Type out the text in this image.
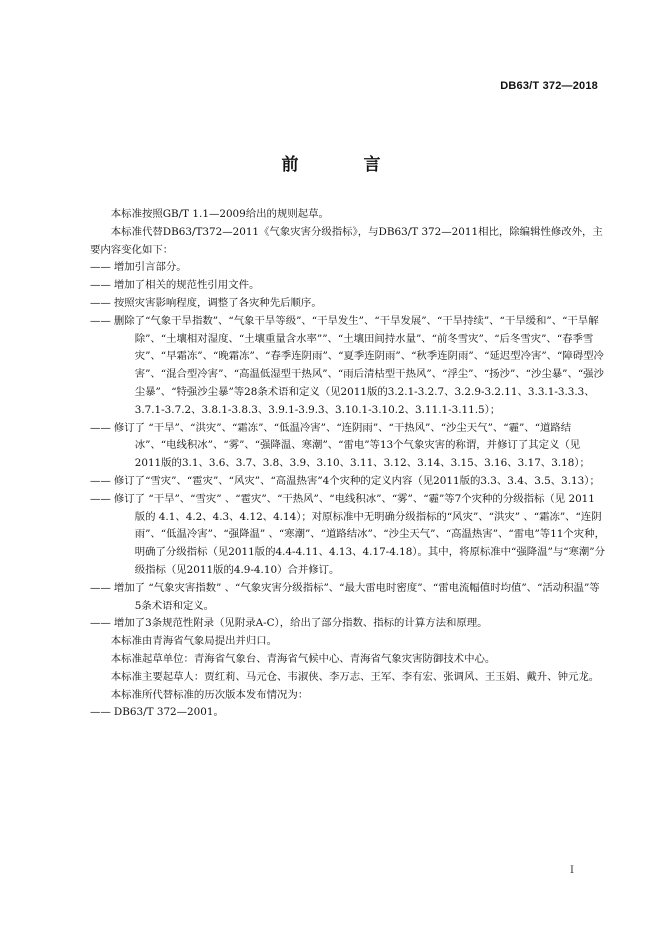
DB63/T 372—2018
前　言

本标准按照GB/T 1.1—2009给出的规则起草。

本标准代替DB63/T372—2011《气象灾害分级指标》，与DB63/T 372—2011相比，除编辑性修改外，主要内容变化如下：

—— 增加引言部分。

—— 增加了相关的规范性引用文件。

—— 按照灾害影响程度，调整了各灾种先后顺序。

—— 删除了“气象干旱指数”、“气象干旱等级”、“干旱发生”、“干旱发展”、“干旱持续”、“干旱缓和”、“干旱解除”、“土壤相对湿度、“土壤重量含水率””、“土壤田间持水量”、“前冬雪灾”、“后冬雪灾”、“春季雪灾”、“早霜冻”、“晚霜冻”、“春季连阴雨”、“夏季连阴雨”、“秋季连阴雨”、“延迟型冷害”、“障碍型冷害”、“混合型冷害”、“高温低湿型干热风”、“雨后清枯型干热风”、“浮尘”、“扬沙”、“沙尘暴”、“强沙尘暴”、“特强沙尘暴”等28条术语和定义（见2011版的3.2.1-3.2.7、3.2.9-3.2.11、3.3.1-3.3.3、3.7.1-3.7.2、3.8.1-3.8.3、3.9.1-3.9.3、3.10.1-3.10.2、3.11.1-3.11.5）；

—— 修订了 “干旱”、“洪灾”、“霜冻”、“低温冷害”、“连阴雨”、“干热风”、“沙尘天气”、“霾”、“道路结冰”、“电线积冰”、“雾”、“强降温、寒潮”、“雷电”等13个气象灾害的称谓，并修订了其定义（见2011版的3.1、3.6、3.7、3.8、3.9、3.10、3.11、3.12、3.14、3.15、3.16、3.17、3.18）；

—— 修订了“雪灾”、“雹灾”、“风灾”、“高温热害”4个灾种的定义内容（见2011版的3.3、3.4、3.5、3.13）；

—— 修订了 “干旱”、“雪灾” 、“雹灾”、“干热风”、“电线积冰”、“雾”、“霾”等7个灾种的分级指标（见 2011 版的 4.1、4.2、4.3、4.12、4.14）；对原标准中无明确分级指标的“风灾”、“洪灾” 、“霜冻”、“连阴雨”、“低温冷害”、“强降温” 、“寒潮”、“道路结冰”、“沙尘天气”、“高温热害”、“雷电”等11个灾种，明确了分级指标（见2011版的4.4-4.11、4.13、4.17-4.18）。其中，将原标准中“强降温”与“寒潮”分级指标（见2011版的4.9-4.10）合并修订。

—— 增加了 “气象灾害指数” 、“气象灾害分级指标”、“最大雷电时密度”、“雷电流幅值时均值”、“活动积温”等5条术语和定义。

—— 增加了3条规范性附录（见附录A-C），给出了部分指数、指标的计算方法和原理。

本标准由青海省气象局提出并归口。

本标准起草单位：青海省气象台、青海省气候中心、青海省气象灾害防御技术中心。

本标准主要起草人：贾红莉、马元仓、韦淑侠、李万志、王军、李有宏、张调风、王玉娟、戴升、钟元龙。

本标准所代替标准的历次版本发布情况为：

—— DB63/T 372—2001。

I
